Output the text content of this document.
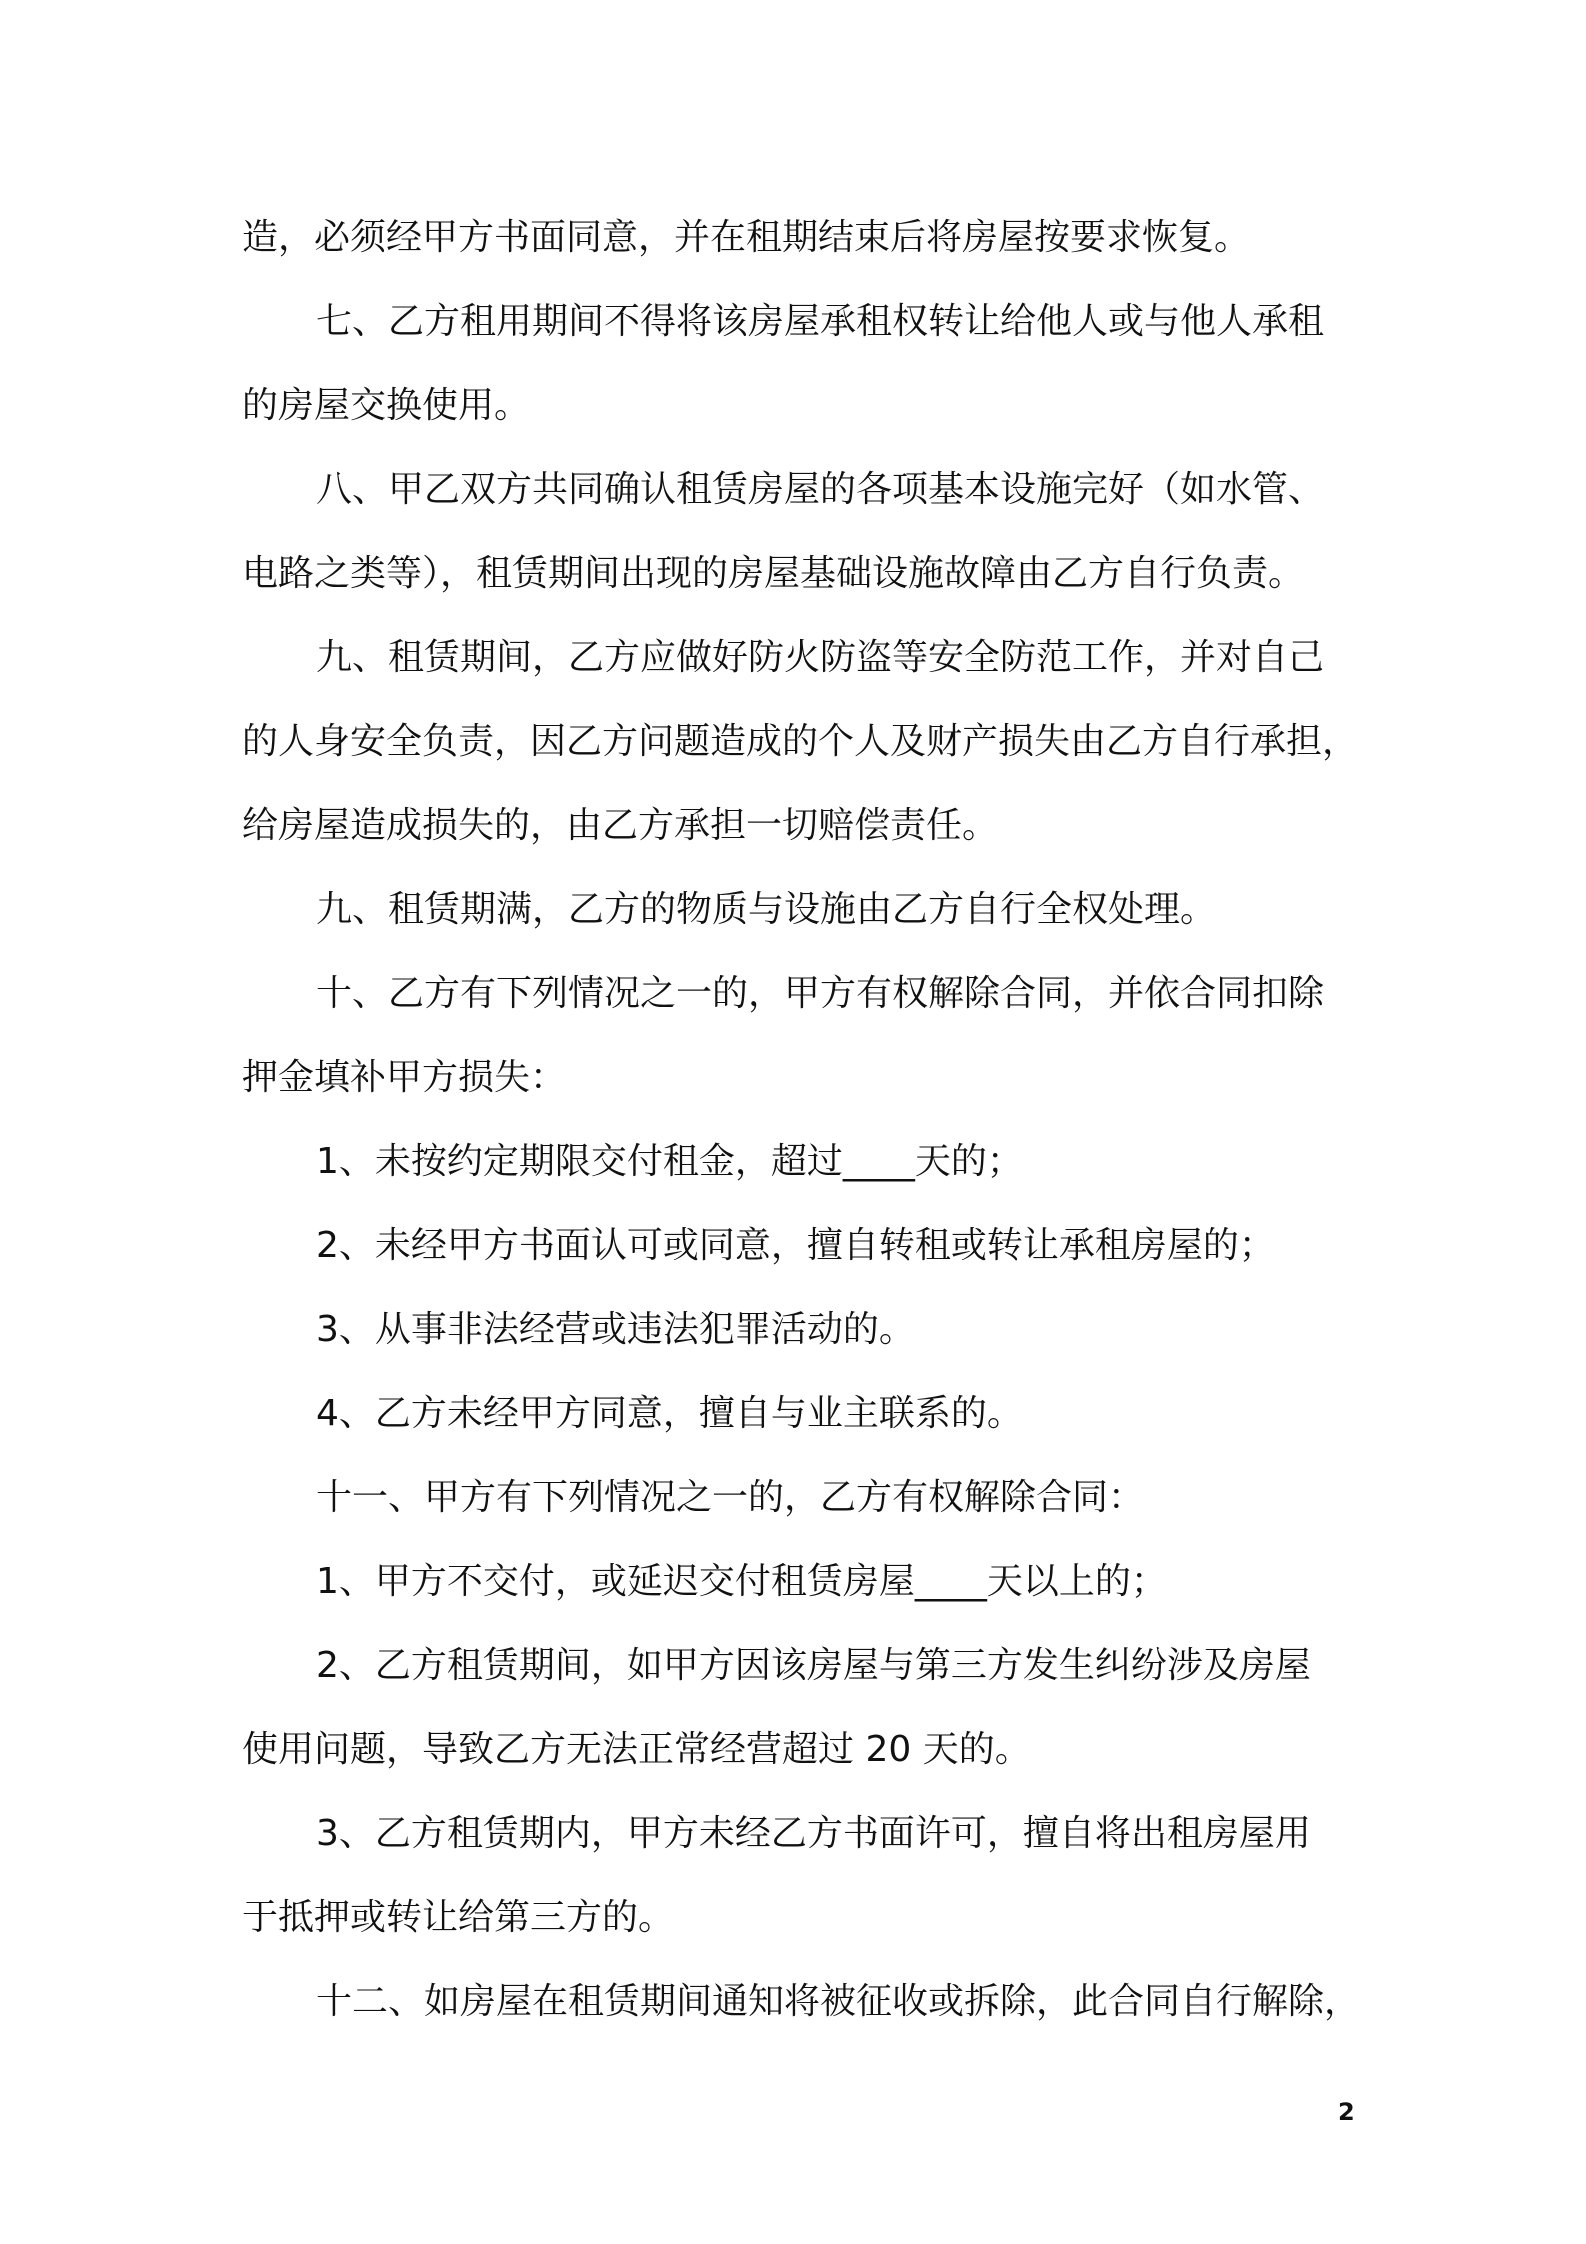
造，必须经甲方书面同意，并在租期结束后将房屋按要求恢复。
七、乙方租用期间不得将该房屋承租权转让给他人或与他人承租
的房屋交换使用。
八、甲乙双方共同确认租赁房屋的各项基本设施完好（如水管、
电路之类等），租赁期间出现的房屋基础设施故障由乙方自行负责。
九、租赁期间，乙方应做好防火防盗等安全防范工作，并对自己
的人身安全负责，因乙方问题造成的个人及财产损失由乙方自行承担，
给房屋造成损失的，由乙方承担一切赔偿责任。
九、租赁期满，乙方的物质与设施由乙方自行全权处理。
十、乙方有下列情况之一的，甲方有权解除合同，并依合同扣除
押金填补甲方损失：
1、未按约定期限交付租金，超过____天的；
2、未经甲方书面认可或同意，擅自转租或转让承租房屋的；
3、从事非法经营或违法犯罪活动的。
4、乙方未经甲方同意，擅自与业主联系的。
十一、甲方有下列情况之一的，乙方有权解除合同：
1、甲方不交付，或延迟交付租赁房屋____天以上的；
2、乙方租赁期间，如甲方因该房屋与第三方发生纠纷涉及房屋
使用问题，导致乙方无法正常经营超过 20 天的。
3、乙方租赁期内，甲方未经乙方书面许可，擅自将出租房屋用
于抵押或转让给第三方的。
十二、如房屋在租赁期间通知将被征收或拆除，此合同自行解除，
2
